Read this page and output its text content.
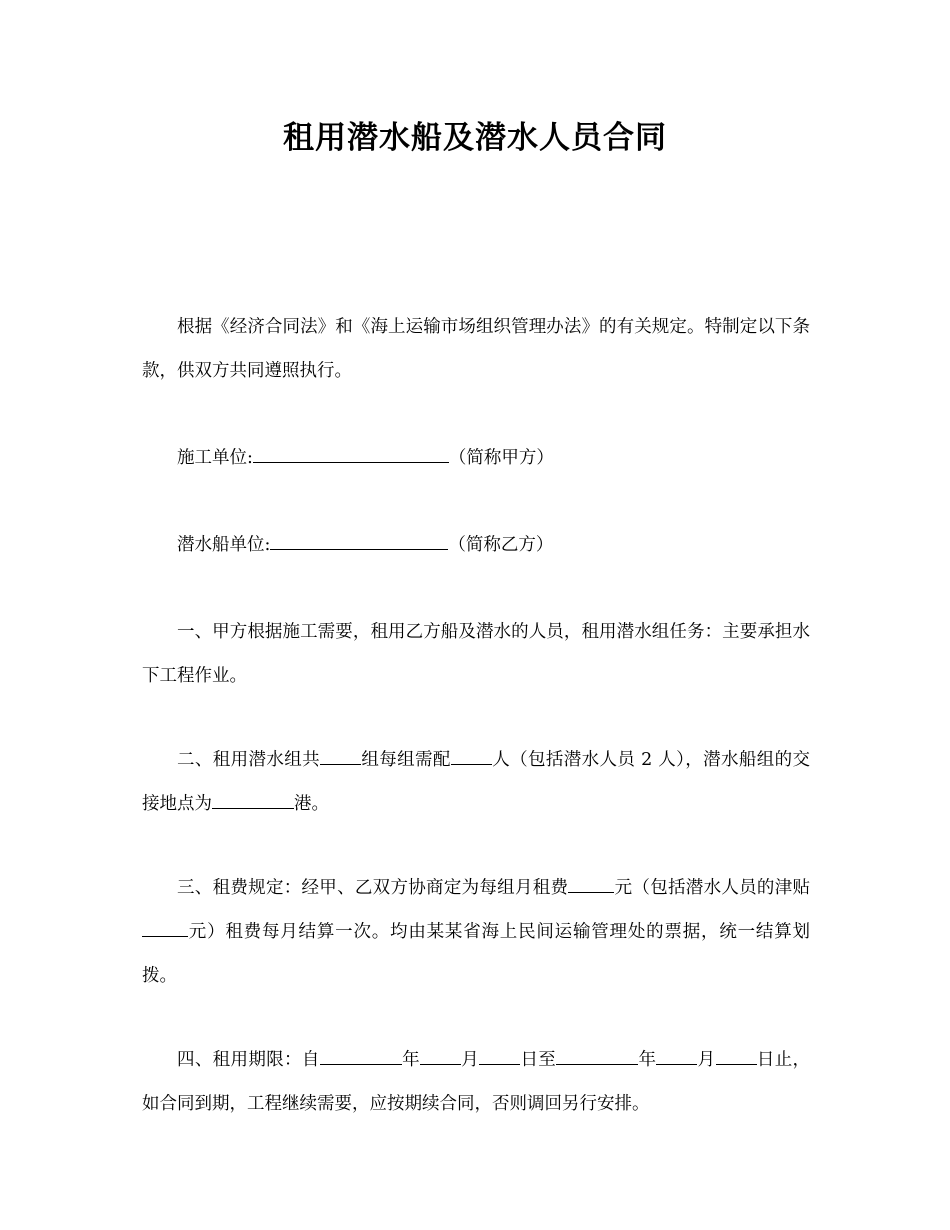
租用潜水船及潜水人员合同

根据《经济合同法》和《海上运输市场组织管理办法》的有关规定。特制定以下条款，供双方共同遵照执行。

施工单位:	（简称甲方）

潜水船单位:	（简称乙方）

一、甲方根据施工需要，租用乙方船及潜水的人员，租用潜水组任务：主要承担水下工程作业。

二、租用潜水组共 组每组需配 人（包括潜水人员 2 人），潜水船组的交接地点为	港。

三、租费规定：经甲、乙双方协商定为每组月租费	元（包括潜水人员的津贴元）租费每月结算一次。均由某某省海上民间运输管理处的票据，统一结算划拨。

四、租用期限：自	年 月 日至	年 月 日止，如合同到期，工程继续需要，应按期续合同，否则调回另行安排。
